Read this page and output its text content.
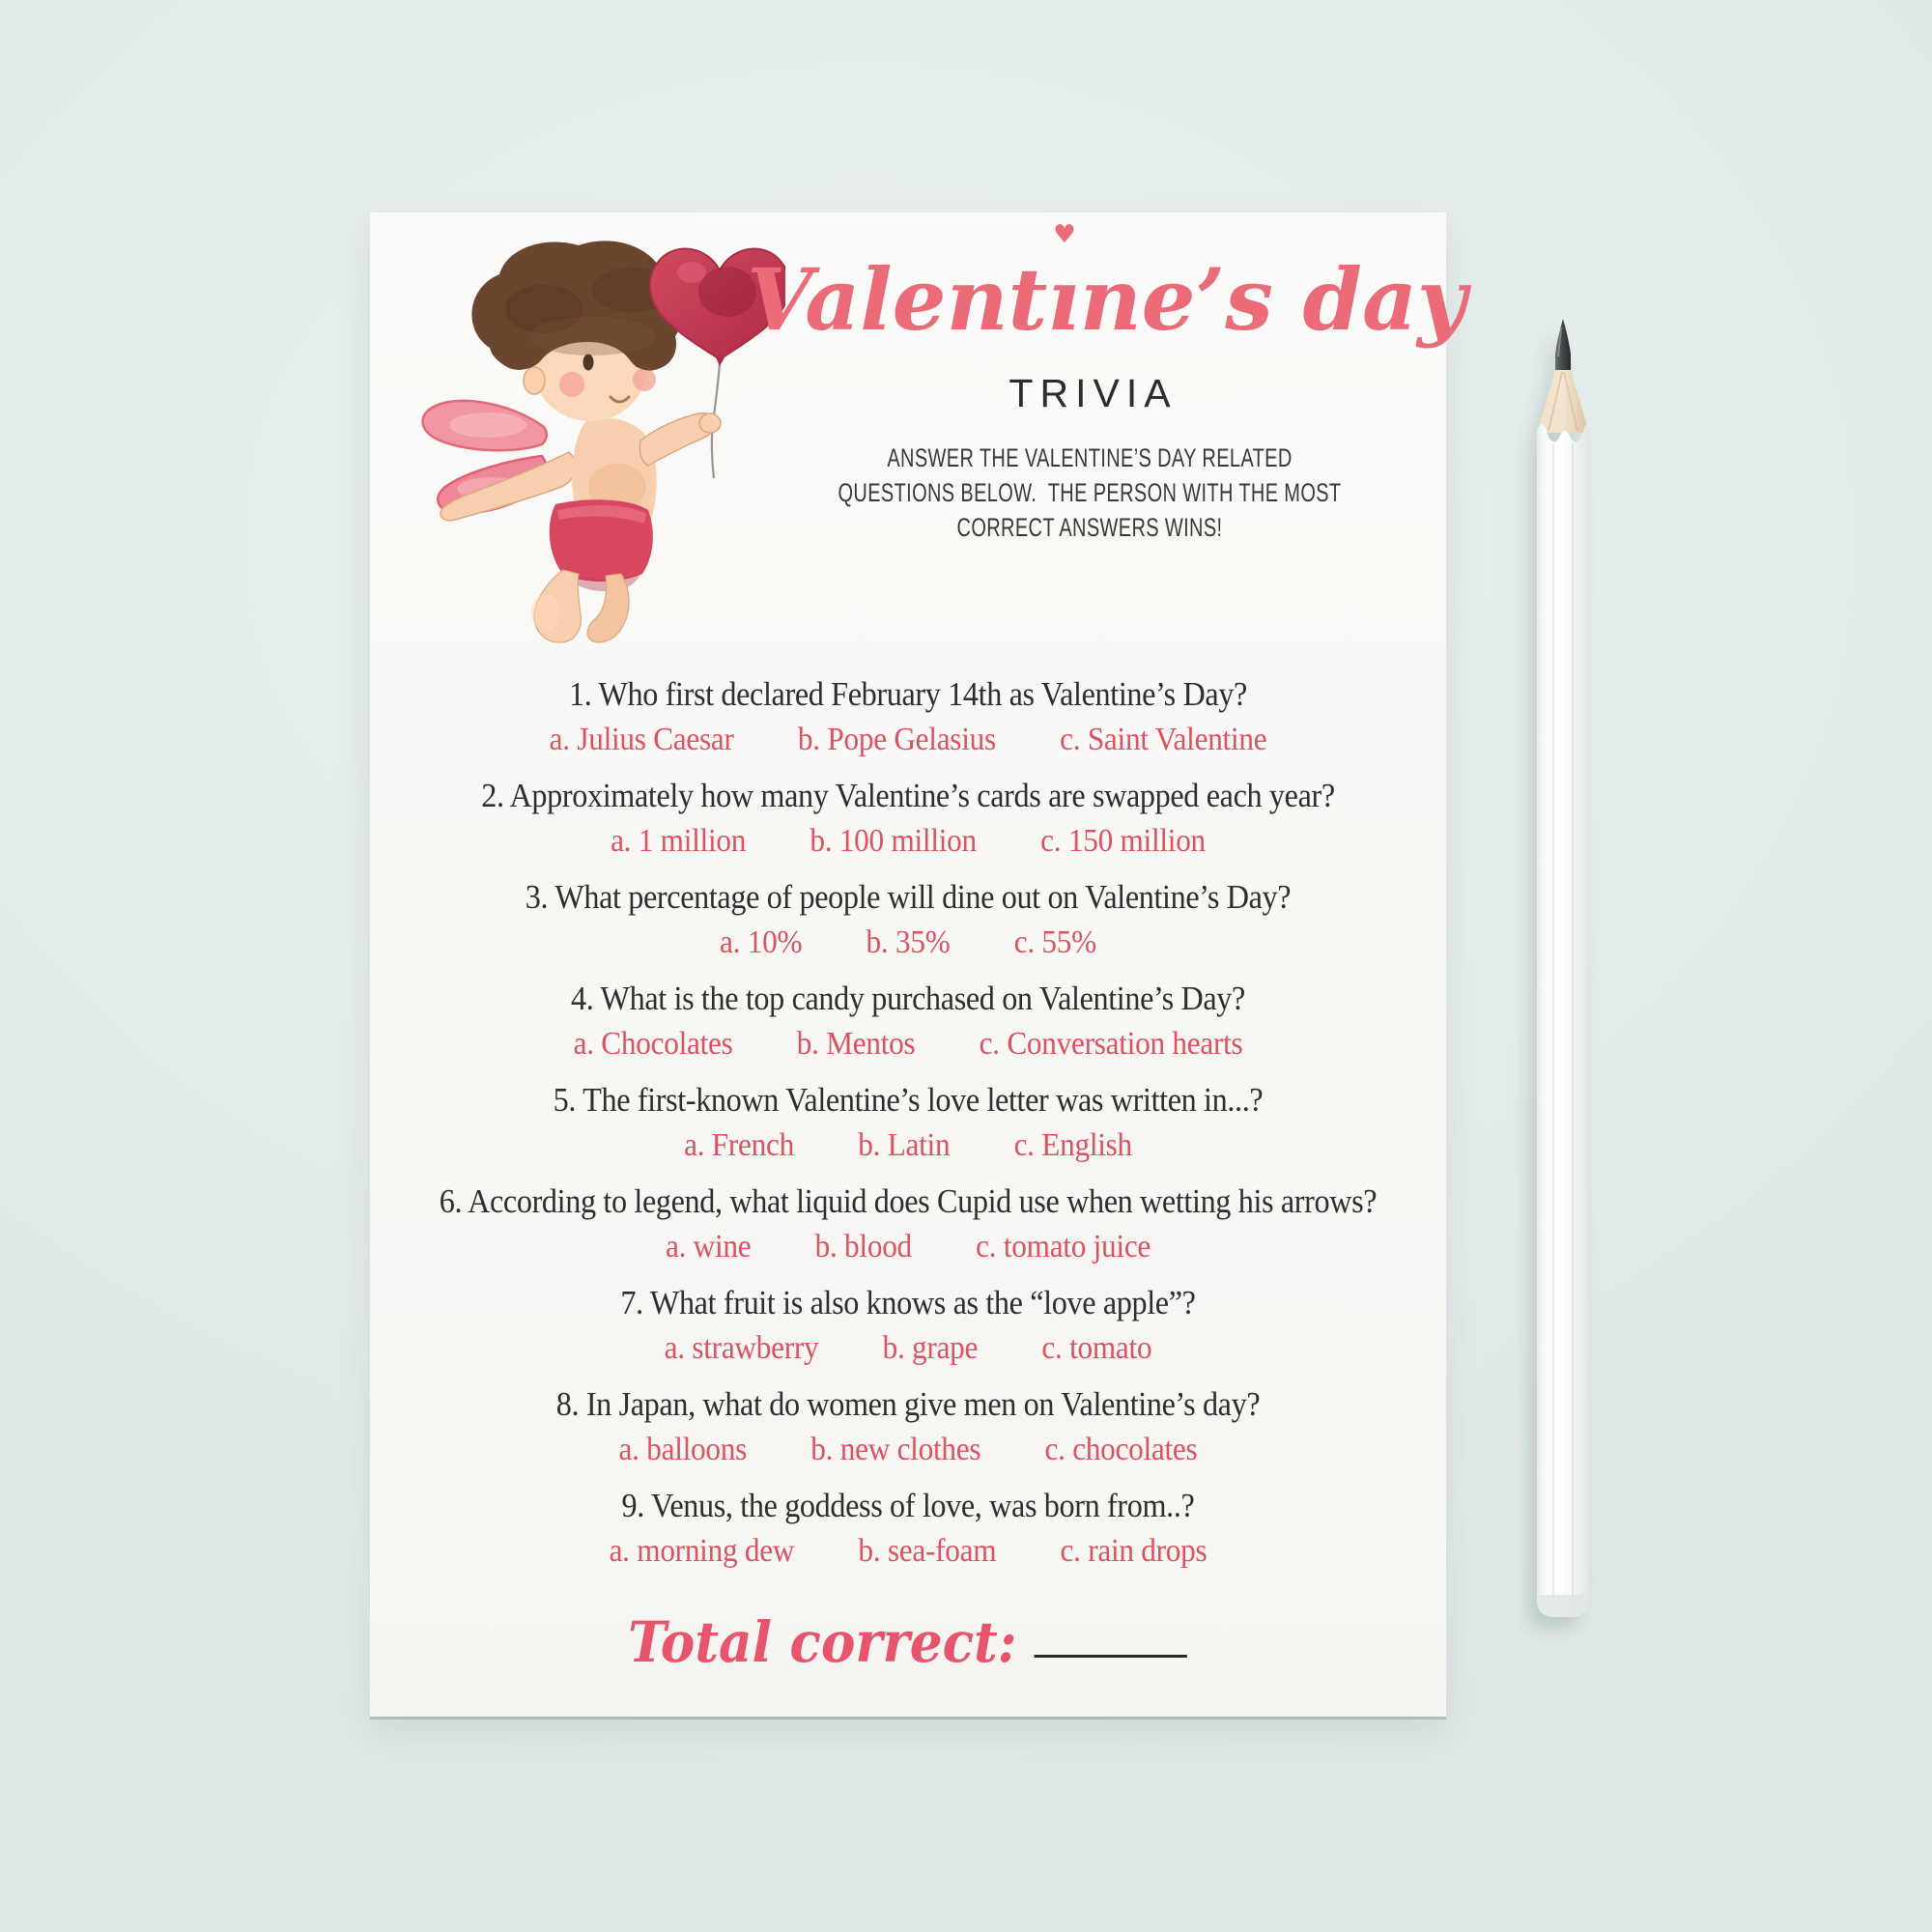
Valent
♥
ıne’s day
TRIVIA
ANSWER THE VALENTINE’S DAY RELATED
QUESTIONS BELOW.  THE PERSON WITH THE MOST
CORRECT ANSWERS WINS!
1. Who first declared February 14th as Valentine’s Day?
a. Julius Caesar b. Pope Gelasius c. Saint Valentine
2. Approximately how many Valentine’s cards are swapped each year?
a. 1 million b. 100 million c. 150 million
3. What percentage of people will dine out on Valentine’s Day?
a. 10% b. 35% c. 55%
4. What is the top candy purchased on Valentine’s Day?
a. Chocolates b. Mentos c. Conversation hearts
5. The first-known Valentine’s love letter was written in...?
a. French b. Latin c. English
6. According to legend, what liquid does Cupid use when wetting his arrows?
a. wine b. blood c. tomato juice
7. What fruit is also knows as the “love apple”?
a. strawberry b. grape c. tomato
8. In Japan, what do women give men on Valentine’s day?
a. balloons b. new clothes c. chocolates
9. Venus, the goddess of love, was born from..?
a. morning dew b. sea-foam c. rain drops
Total correct:
